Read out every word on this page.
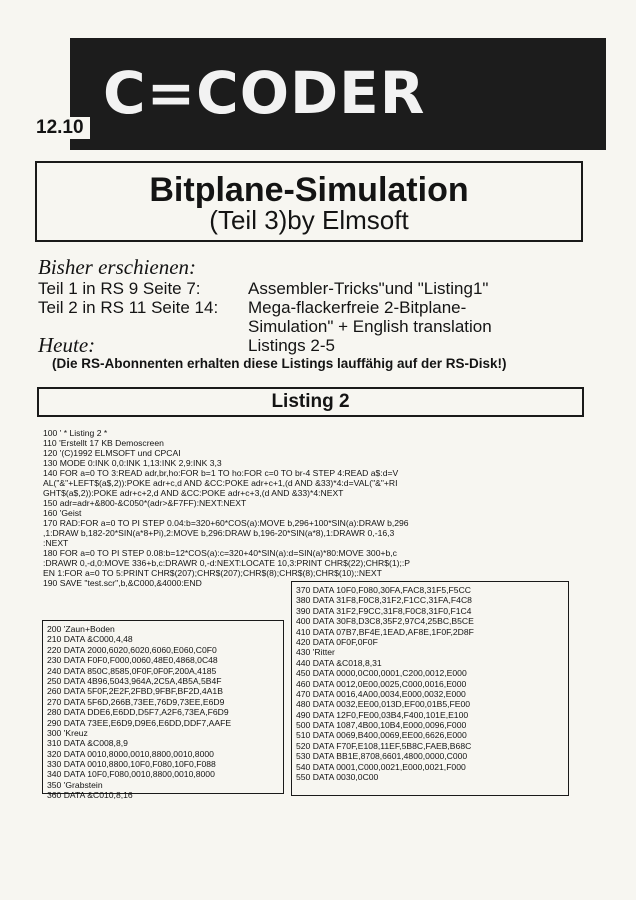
C=CODER
12.10
Bitplane-Simulation
(Teil 3)by Elmsoft
Bisher erschienen:
Teil 1 in RS 9 Seite 7:	Assembler-Tricks"und "Listing1"
Teil 2 in RS 11 Seite 14: Mega-flackerfreie 2-Bitplane-
Simulation" + English translation
Heute:	Listings 2-5
(Die RS-Abonnenten erhalten diese Listings lauffähig auf der RS-Disk!)
Listing 2
100 ' * Listing 2 *
110 'Erstellt 17 KB Demoscreen
120 '(C)1992 ELMSOFT und CPCAI
130 MODE 0:INK 0,0:INK 1,13:INK 2,9:INK 3,3
140 FOR a=0 TO 3:READ adr,br,ho:FOR b=1 TO ho:FOR c=0 TO br-4 STEP 4:READ a$:d=V
AL("&"+LEFT$(a$,2)):POKE adr+c,d AND &CC:POKE adr+c+1,(d AND &33)*4:d=VAL("&"+RI
GHT$(a$,2)):POKE adr+c+2,d AND &CC:POKE adr+c+3,(d AND &33)*4:NEXT
150 adr=adr+&800-&C050*(adr>&F7FF):NEXT:NEXT
160 'Geist
170 RAD:FOR a=0 TO PI STEP 0.04:b=320+60*COS(a):MOVE b,296+100*SIN(a):DRAW b,296
,1:DRAW b,182-20*SIN(a*8+Pi),2:MOVE b,296:DRAW b,196-20*SIN(a*8),1:DRAWR 0,-16,3
:NEXT
180 FOR a=0 TO PI STEP 0.08:b=12*COS(a):c=320+40*SIN(a):d=SIN(a)*80:MOVE 300+b,c
:DRAWR 0,-d,0:MOVE 336+b,c:DRAWR 0,-d:NEXT:LOCATE 10,3:PRINT CHR$(22);CHR$(1);:P
EN 1:FOR a=0 TO 5:PRINT CHR$(207);CHR$(207);CHR$(8);CHR$(8);CHR$(10);:NEXT
190 SAVE "test.scr",b,&C000,&4000:END
200 'Zaun+Boden
210 DATA &C000,4,48
220 DATA 2000,6020,6020,6060,E060,C0F0
230 DATA F0F0,F000,0060,48E0,4868,0C48
240 DATA 850C,8585,0F0F,0F0F,200A,4185
250 DATA 4B96,5043,964A,2C5A,4B5A,5B4F
260 DATA 5F0F,2E2F,2FBD,9FBF,BF2D,4A1B
270 DATA 5F6D,266B,73EE,76D9,73EE,E6D9
280 DATA DDE6,E6DD,D5F7,A2F6,73EA,F6D9
290 DATA 73EE,E6D9,D9E6,E6DD,DDF7,AAFE
300 'Kreuz
310 DATA &C008,8,9
320 DATA 0010,8000,0010,8800,0010,8000
330 DATA 0010,8800,10F0,F080,10F0,F088
340 DATA 10F0,F080,0010,8800,0010,8000
350 'Grabstein
360 DATA &C010,8,16
370 DATA 10F0,F080,30FA,FAC8,31F5,F5CC
380 DATA 31F8,F0C8,31F2,F1CC,31FA,F4C8
390 DATA 31F2,F9CC,31F8,F0C8,31F0,F1C4
400 DATA 30F8,D3C8,35F2,97C4,25BC,B5CE
410 DATA 07B7,BF4E,1EAD,AF8E,1F0F,2D8F
420 DATA 0F0F,0F0F
430 'Ritter
440 DATA &C018,8,31
450 DATA 0000,0C00,0001,C200,0012,E000
460 DATA 0012,0E00,0025,C000,0016,E000
470 DATA 0016,4A00,0034,E000,0032,E000
480 DATA 0032,EE00,013D,EF00,01B5,FE00
490 DATA 12F0,FE00,03B4,F400,101E,E100
500 DATA 1087,4B00,10B4,E000,0096,F000
510 DATA 0069,B400,0069,EE00,6626,E000
520 DATA F70F,E108,11EF,5B8C,FAEB,B68C
530 DATA BB1E,8708,6601,4800,0000,C000
540 DATA 0001,C000,0021,E000,0021,F000
550 DATA 0030,0C00
